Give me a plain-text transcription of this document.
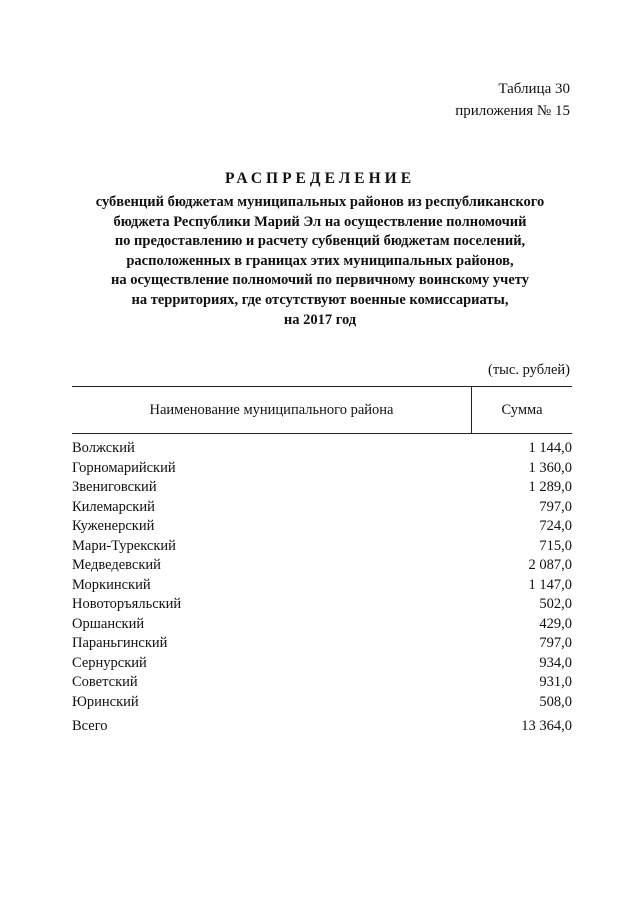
Таблица 30
приложения № 15
РАСПРЕДЕЛЕНИЕ
субвенций бюджетам муниципальных районов из республиканского
бюджета Республики Марий Эл на осуществление полномочий
по предоставлению и расчету субвенций бюджетам поселений,
расположенных в границах этих муниципальных районов,
на осуществление полномочий по первичному воинскому учету
на территориях, где отсутствуют военные комиссариаты,
на 2017 год
(тыс. рублей)
Наименование муниципального района	Сумма
Волжский	1 144,0
Горномарийский	1 360,0
Звениговский	1 289,0
Килемарский	797,0
Куженерский	724,0
Мари-Турекский	715,0
Медведевский	2 087,0
Моркинский	1 147,0
Новоторъяльский	502,0
Оршанский	429,0
Параньгинский	797,0
Сернурский	934,0
Советский	931,0
Юринский	508,0
Всего	13 364,0
